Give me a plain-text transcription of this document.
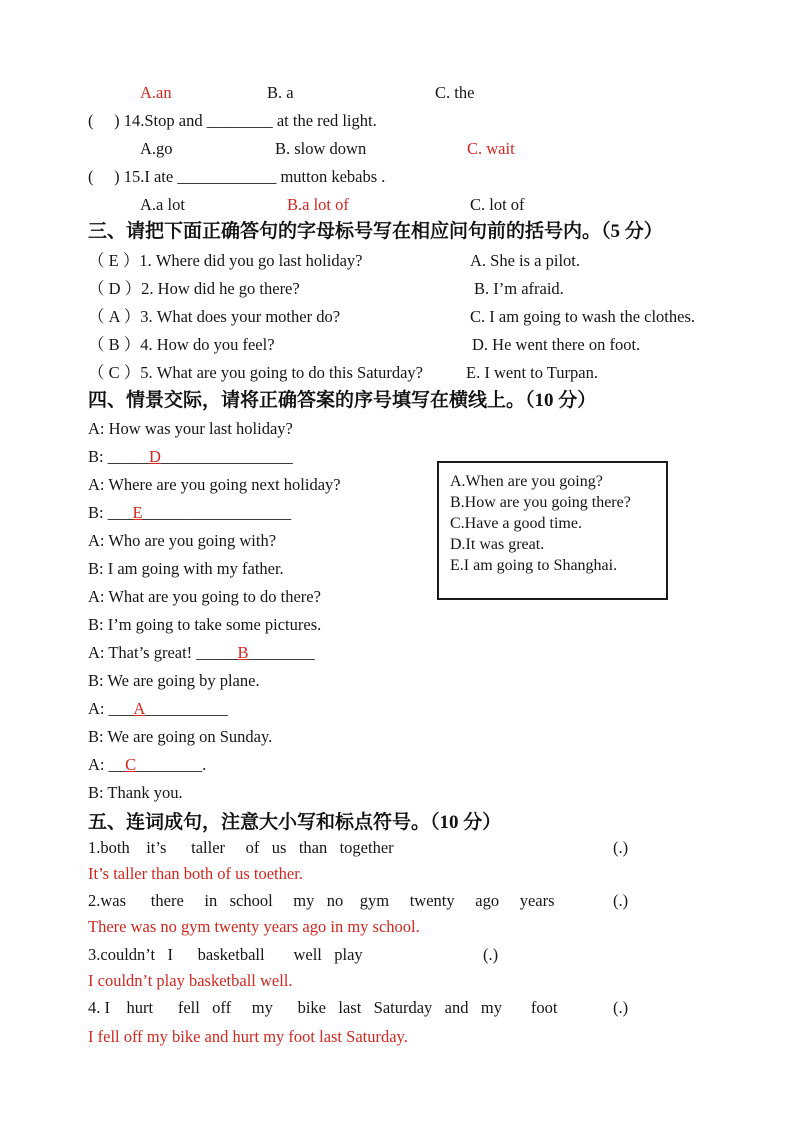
A.an	B. a	C. the
(     ) 14.Stop and ________ at the red light.
A.go	B. slow down	C. wait
(     ) 15.I ate ____________ mutton kebabs .
A.a lot	B.a lot of	C. lot of
三、请把下面正确答句的字母标号写在相应问句前的括号内。（5 分）
（ E ）1. Where did you go last holiday?	A. She is a pilot.
（ D ）2. How did he go there?	B. I’m afraid.
（ A ）3. What does your mother do?	C. I am going to wash the clothes.
（ B ）4. How do you feel?	D. He went there on foot.
（ C ）5. What are you going to do this Saturday?	E. I went to Turpan.
四、情景交际，请将正确答案的序号填写在横线上。（10 分）
A: How was your last holiday?
B: _____D________________
A: Where are you going next holiday?
B: ___E__________________
A: Who are you going with?
B: I am going with my father.
A: What are you going to do there?
B: I’m going to take some pictures.
A: That’s great! _____B________
B: We are going by plane.
A: ___A__________
B: We are going on Sunday.
A: __C________.
B: Thank you.
A.When are you going?
B.How are you going there?
C.Have a good time.
D.It was great.
E.I am going to Shanghai.
五、连词成句，注意大小写和标点符号。（10 分）
1.both    it’s      taller     of   us   than   together	(.)
It’s taller than both of us toether.
2.was      there     in   school     my   no    gym     twenty     ago     years	(.)
There was no gym twenty years ago in my school.
3.couldn’t   I      basketball       well   play	(.)
I couldn’t play basketball well.
4. I    hurt      fell   off     my      bike   last   Saturday   and   my       foot	(.)
I fell off my bike and hurt my foot last Saturday.
